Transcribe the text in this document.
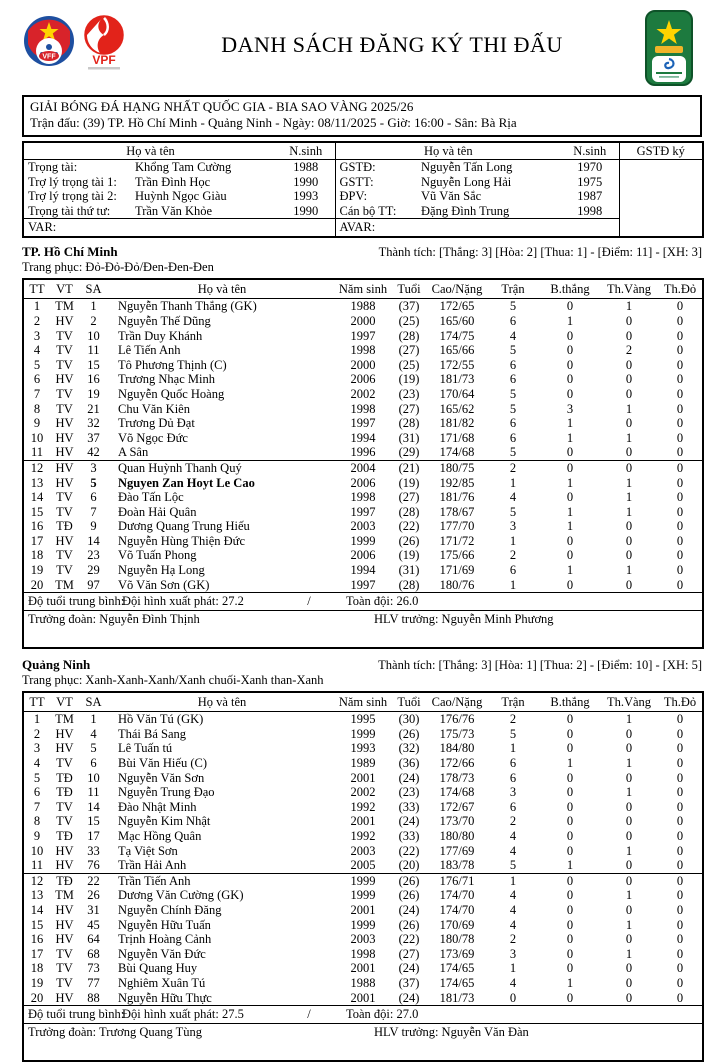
VFF	VPF
DANH SÁCH ĐĂNG KÝ THI ĐẤU
GIẢI BÓNG ĐÁ HẠNG NHẤT QUỐC GIA - BIA SAO VÀNG 2025/26
Trận đấu: (39) TP. Hồ Chí Minh - Quảng Ninh - Ngày: 08/11/2025 - Giờ: 16:00 - Sân: Bà Rịa
Họ và tên		N.sinh	Họ và tên		N.sinh	GSTĐ ký
Trọng tài:	Khổng Tam Cường	1988	GSTĐ:	Nguyễn Tấn Long	1970	
Trợ lý trọng tài 1:	Trần Đình Học	1990	GSTT:	Nguyễn Long Hải	1975	
Trợ lý trọng tài 2:	Huỳnh Ngọc Giàu	1993	ĐPV:	Vũ Văn Sắc	1987	
Trọng tài thứ tư:	Trần Văn Khỏe	1990	Cán bộ TT:	Đặng Đình Trung	1998	
VAR:			AVAR:			
TP. Hồ Chí Minh	Thành tích: [Thắng: 3] [Hòa: 2] [Thua: 1] - [Điểm: 11] - [XH: 3]
Trang phục: Đỏ-Đỏ-Đỏ/Đen-Đen-Đen
TT	VT	SA	Họ và tên	Năm sinh	Tuổi	Cao/Nặng	Trận	B.thắng	Th.Vàng	Th.Đỏ
1	TM	1	Nguyễn Thanh Thắng (GK)	1988	(37)	172/65	5	0	1	0
2	HV	2	Nguyễn Thế Dũng	2000	(25)	165/60	6	1	0	0
3	TV	10	Trần Duy Khánh	1997	(28)	174/75	4	0	0	0
4	TV	11	Lê Tiến Anh	1998	(27)	165/66	5	0	2	0
5	TV	15	Tô Phương Thịnh (C)	2000	(25)	172/55	6	0	0	0
6	HV	16	Trương Nhạc Minh	2006	(19)	181/73	6	0	0	0
7	TV	19	Nguyễn Quốc Hoàng	2002	(23)	170/64	5	0	0	0
8	TV	21	Chu Văn Kiên	1998	(27)	165/62	5	3	1	0
9	HV	32	Trương Dủ Đạt	1997	(28)	181/82	6	1	0	0
10	HV	37	Võ Ngọc Đức	1994	(31)	171/68	6	1	1	0
11	HV	42	A Sân	1996	(29)	174/68	5	0	0	0
12	HV	3	Quan Huỳnh Thanh Quý	2004	(21)	180/75	2	0	0	0
13	HV	5	Nguyen Zan Hoyt Le Cao	2006	(19)	192/85	1	1	1	0
14	TV	6	Đào Tấn Lộc	1998	(27)	181/76	4	0	1	0
15	TV	7	Đoàn Hải Quân	1997	(28)	178/67	5	1	1	0
16	TĐ	9	Dương Quang Trung Hiếu	2003	(22)	177/70	3	1	0	0
17	HV	14	Nguyễn Hùng Thiện Đức	1999	(26)	171/72	1	0	0	0
18	TV	23	Võ Tuấn Phong	2006	(19)	175/66	2	0	0	0
19	TV	29	Nguyễn Hạ Long	1994	(31)	171/69	6	1	1	0
20	TM	97	Võ Văn Sơn (GK)	1997	(28)	180/76	1	0	0	0

Độ tuổi trung bình:
Đội hình xuất phát: 27.2 / Toàn đội: 26.0										

Trưởng đoàn: Nguyễn Đình Thịnh HLV trưởng: Nguyễn Minh Phương										
Quảng Ninh	Thành tích: [Thắng: 3] [Hòa: 1] [Thua: 2] - [Điểm: 10] - [XH: 5]
Trang phục: Xanh-Xanh-Xanh/Xanh chuối-Xanh than-Xanh
TT	VT	SA	Họ và tên	Năm sinh	Tuổi	Cao/Nặng	Trận	B.thắng	Th.Vàng	Th.Đỏ
1	TM	1	Hồ Văn Tú (GK)	1995	(30)	176/76	2	0	1	0
2	HV	4	Thái Bá Sang	1999	(26)	175/73	5	0	0	0
3	HV	5	Lê Tuấn tú	1993	(32)	184/80	1	0	0	0
4	TV	6	Bùi Văn Hiếu (C)	1989	(36)	172/66	6	1	1	0
5	TĐ	10	Nguyễn Văn Sơn	2001	(24)	178/73	6	0	0	0
6	TĐ	11	Nguyễn Trung Đạo	2002	(23)	174/68	3	0	1	0
7	TV	14	Đào Nhật Minh	1992	(33)	172/67	6	0	0	0
8	TV	15	Nguyễn Kim Nhật	2001	(24)	173/70	2	0	0	0
9	TĐ	17	Mạc Hồng Quân	1992	(33)	180/80	4	0	0	0
10	HV	33	Tạ Việt Sơn	2003	(22)	177/69	4	0	1	0
11	HV	76	Trần Hải Anh	2005	(20)	183/78	5	1	0	0
12	TĐ	22	Trần Tiến Anh	1999	(26)	176/71	1	0	0	0
13	TM	26	Dương Văn Cường (GK)	1999	(26)	174/70	4	0	1	0
14	HV	31	Nguyễn Chính Đăng	2001	(24)	174/70	4	0	0	0
15	HV	45	Nguyễn Hữu Tuấn	1999	(26)	170/69	4	0	1	0
16	HV	64	Trịnh Hoàng Cảnh	2003	(22)	180/78	2	0	0	0
17	TV	68	Nguyễn Văn Đức	1998	(27)	173/69	3	0	1	0
18	TV	73	Bùi Quang Huy	2001	(24)	174/65	1	0	0	0
19	TV	77	Nghiêm Xuân Tú	1988	(37)	174/65	4	1	0	0
20	HV	88	Nguyễn Hữu Thực	2001	(24)	181/73	0	0	0	0

Độ tuổi trung bình:
Đội hình xuất phát: 27.5 / Toàn đội: 27.0										

Trưởng đoàn: Trương Quang Tùng HLV trưởng: Nguyễn Văn Đàn										
